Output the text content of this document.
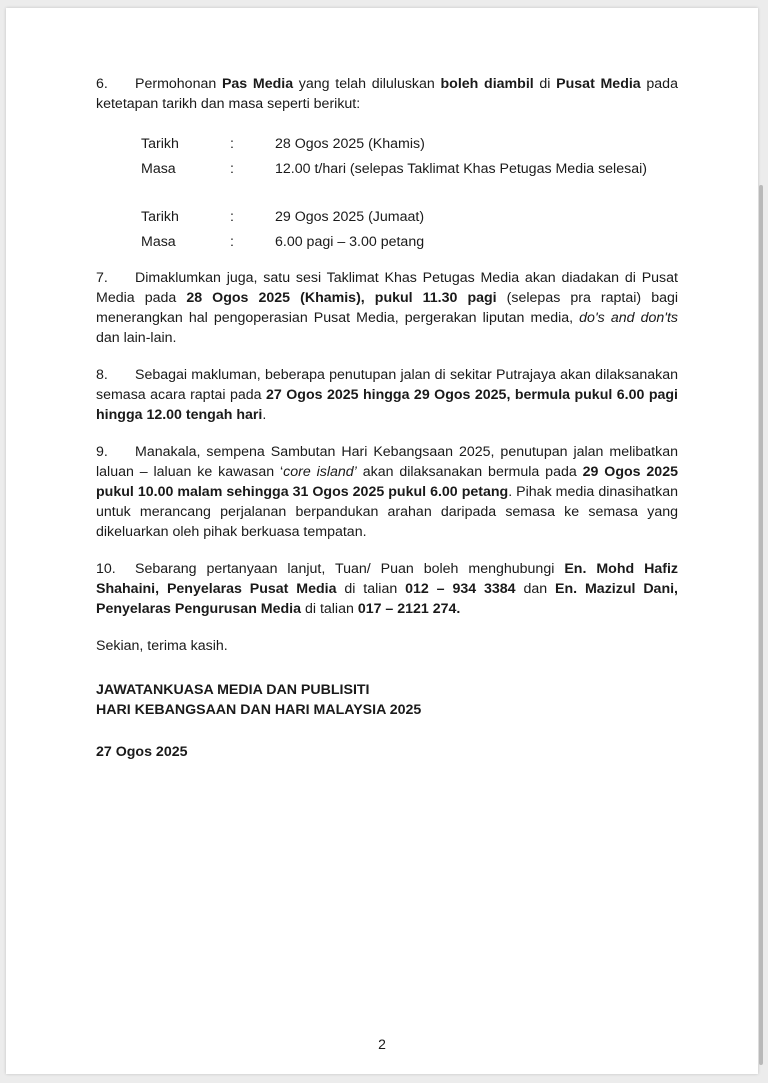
6. Permohonan Pas Media yang telah diluluskan boleh diambil di Pusat Media pada ketetapan tarikh dan masa seperti berikut:

Tarikh	:	28 Ogos 2025 (Khamis)
Masa	:	12.00 t/hari (selepas Taklimat Khas Petugas Media selesai)
Tarikh	:	29 Ogos 2025 (Jumaat)
Masa	:	6.00 pagi – 3.00 petang

7. Dimaklumkan juga, satu sesi Taklimat Khas Petugas Media akan diadakan di Pusat Media pada 28 Ogos 2025 (Khamis), pukul 11.30 pagi (selepas pra raptai) bagi menerangkan hal pengoperasian Pusat Media, pergerakan liputan media, do's and don'ts dan lain-lain.

8. Sebagai makluman, beberapa penutupan jalan di sekitar Putrajaya akan dilaksanakan semasa acara raptai pada 27 Ogos 2025 hingga 29 Ogos 2025, bermula pukul 6.00 pagi hingga 12.00 tengah hari.

9. Manakala, sempena Sambutan Hari Kebangsaan 2025, penutupan jalan melibatkan laluan – laluan ke kawasan ‘core island’ akan dilaksanakan bermula pada 29 Ogos 2025 pukul 10.00 malam sehingga 31 Ogos 2025 pukul 6.00 petang. Pihak media dinasihatkan untuk merancang perjalanan berpandukan arahan daripada semasa ke semasa yang dikeluarkan oleh pihak berkuasa tempatan.

10. Sebarang pertanyaan lanjut, Tuan/ Puan boleh menghubungi En. Mohd Hafiz Shahaini, Penyelaras Pusat Media di talian 012 – 934 3384 dan En. Mazizul Dani, Penyelaras Pengurusan Media di talian 017 – 2121 274.

Sekian, terima kasih.

JAWATANKUASA MEDIA DAN PUBLISITI

HARI KEBANGSAAN DAN HARI MALAYSIA 2025

27 Ogos 2025

2
